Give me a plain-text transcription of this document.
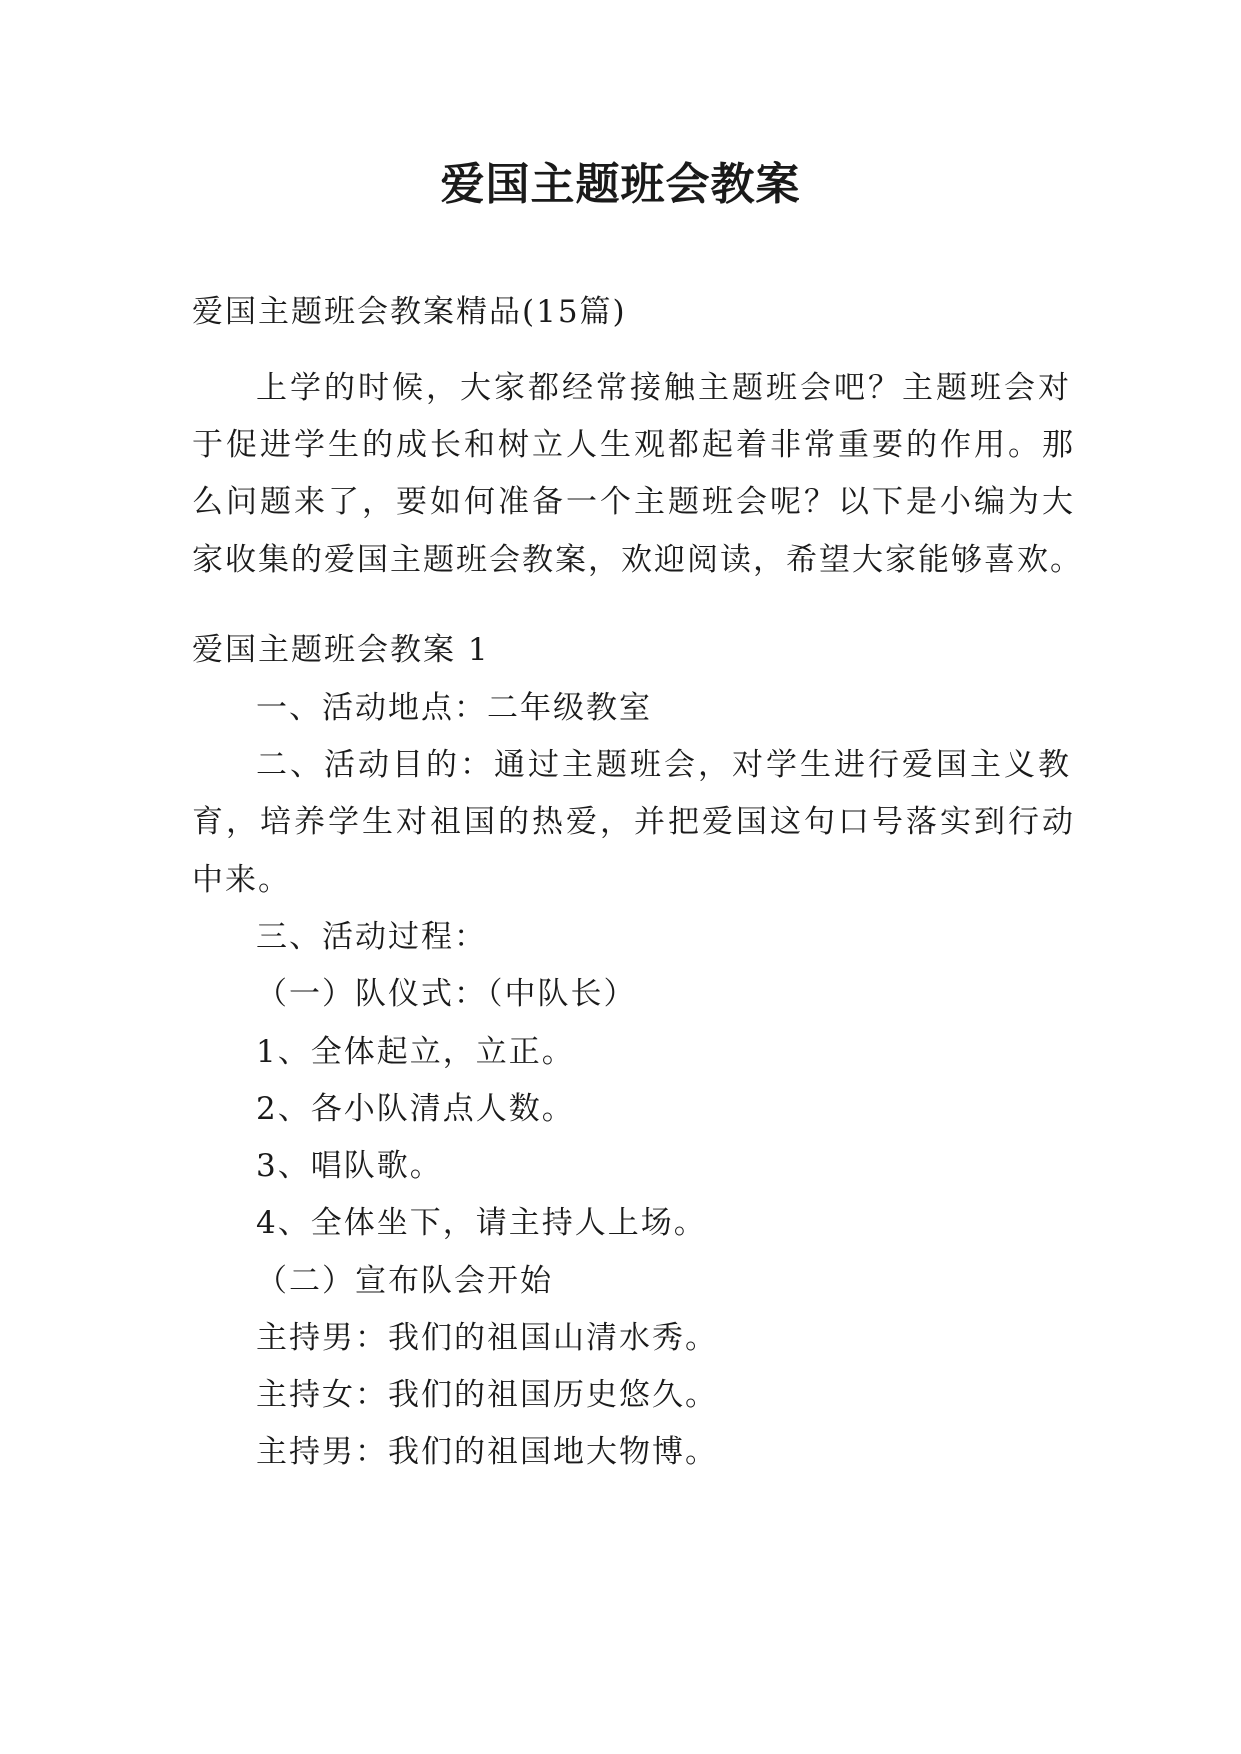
爱国主题班会教案
爱国主题班会教案精品(15篇)
上学的时候，大家都经常接触主题班会吧？主题班会对
于促进学生的成长和树立人生观都起着非常重要的作用。那
么问题来了，要如何准备一个主题班会呢？以下是小编为大
家收集的爱国主题班会教案，欢迎阅读，希望大家能够喜欢。
爱国主题班会教案 1
一、活动地点：二年级教室
二、活动目的：通过主题班会，对学生进行爱国主义教
育，培养学生对祖国的热爱，并把爱国这句口号落实到行动
中来。
三、活动过程：
（一）队仪式：（中队长）
1、全体起立，立正。
2、各小队清点人数。
3、唱队歌。
4、全体坐下，请主持人上场。
（二）宣布队会开始
主持男：我们的祖国山清水秀。
主持女：我们的祖国历史悠久。
主持男：我们的祖国地大物博。
